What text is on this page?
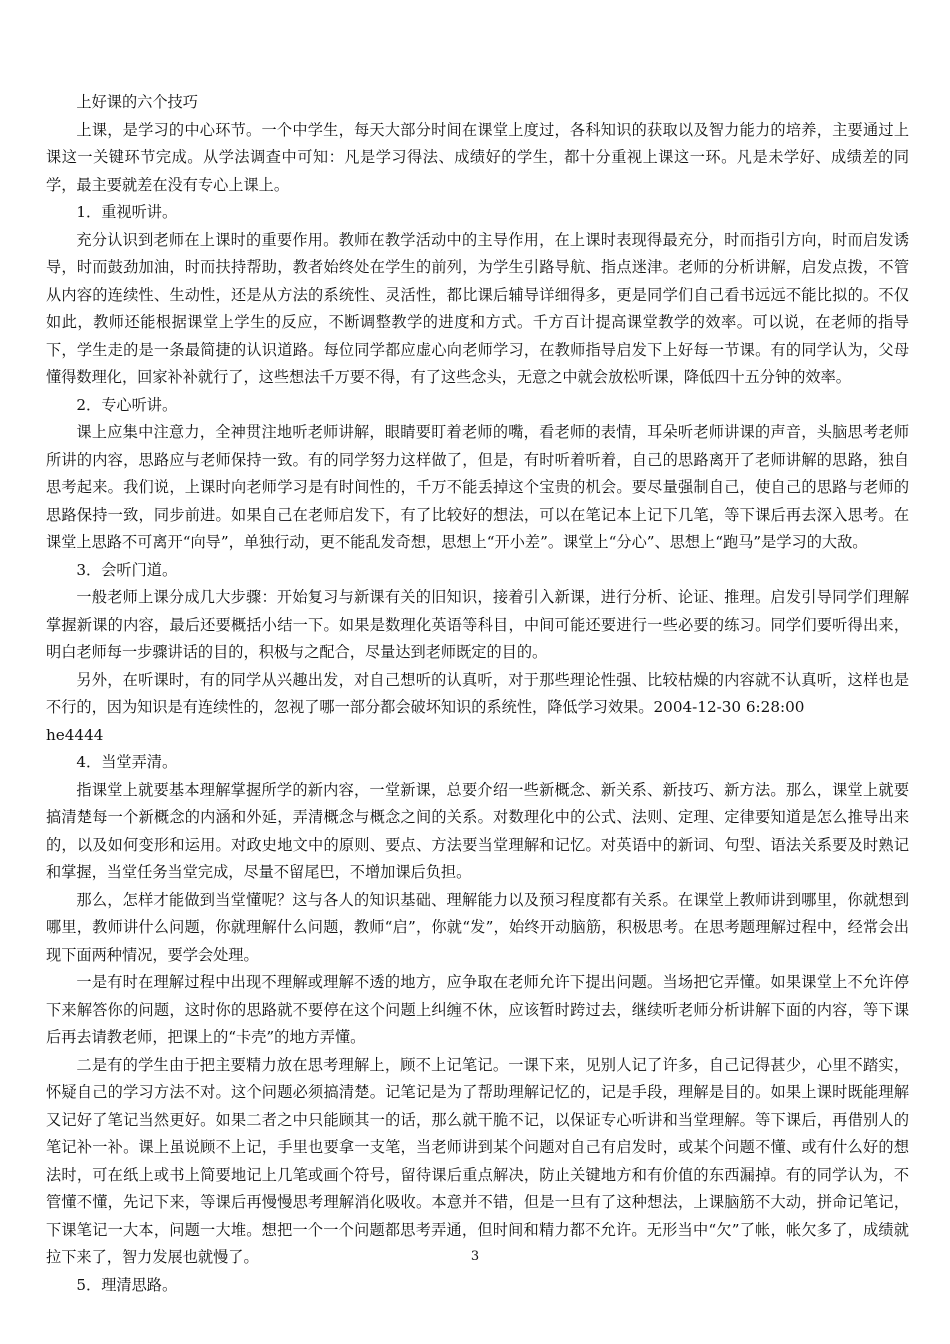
上好课的六个技巧

上课，是学习的中心环节。一个中学生，每天大部分时间在课堂上度过，各科知识的获取以及智力能力的培养，主要通过上课这一关键环节完成。从学法调查中可知：凡是学习得法、成绩好的学生，都十分重视上课这一环。凡是未学好、成绩差的同学，最主要就差在没有专心上课上。

1．重视听讲。

充分认识到老师在上课时的重要作用。教师在教学活动中的主导作用，在上课时表现得最充分，时而指引方向，时而启发诱导，时而鼓劲加油，时而扶持帮助，教者始终处在学生的前列，为学生引路导航、指点迷津。老师的分析讲解，启发点拨，不管从内容的连续性、生动性，还是从方法的系统性、灵活性，都比课后辅导详细得多，更是同学们自己看书远远不能比拟的。不仅如此，教师还能根据课堂上学生的反应，不断调整教学的进度和方式。千方百计提高课堂教学的效率。可以说，在老师的指导下，学生走的是一条最简捷的认识道路。每位同学都应虚心向老师学习，在教师指导启发下上好每一节课。有的同学认为，父母懂得数理化，回家补补就行了，这些想法千万要不得，有了这些念头，无意之中就会放松听课，降低四十五分钟的效率。

2．专心听讲。

课上应集中注意力，全神贯注地听老师讲解，眼睛要盯着老师的嘴，看老师的表情，耳朵听老师讲课的声音，头脑思考老师所讲的内容，思路应与老师保持一致。有的同学努力这样做了，但是，有时听着听着，自己的思路离开了老师讲解的思路，独自思考起来。我们说，上课时向老师学习是有时间性的，千万不能丢掉这个宝贵的机会。要尽量强制自己，使自己的思路与老师的思路保持一致，同步前进。如果自己在老师启发下，有了比较好的想法，可以在笔记本上记下几笔，等下课后再去深入思考。在课堂上思路不可离开“向导”，单独行动，更不能乱发奇想，思想上“开小差”。课堂上“分心”、思想上“跑马”是学习的大敌。

3．会听门道。

一般老师上课分成几大步骤：开始复习与新课有关的旧知识，接着引入新课，进行分析、论证、推理。启发引导同学们理解掌握新课的内容，最后还要概括小结一下。如果是数理化英语等科目，中间可能还要进行一些必要的练习。同学们要听得出来，明白老师每一步骤讲话的目的，积极与之配合，尽量达到老师既定的目的。

另外，在听课时，有的同学从兴趣出发，对自己想听的认真听，对于那些理论性强、比较枯燥的内容就不认真听，这样也是不行的，因为知识是有连续性的，忽视了哪一部分都会破坏知识的系统性，降低学习效果。2004-12-30 6:28:00

he4444

4．当堂弄清。

指课堂上就要基本理解掌握所学的新内容，一堂新课，总要介绍一些新概念、新关系、新技巧、新方法。那么，课堂上就要搞清楚每一个新概念的内涵和外延，弄清概念与概念之间的关系。对数理化中的公式、法则、定理、定律要知道是怎么推导出来的，以及如何变形和运用。对政史地文中的原则、要点、方法要当堂理解和记忆。对英语中的新词、句型、语法关系要及时熟记和掌握，当堂任务当堂完成，尽量不留尾巴，不增加课后负担。

那么，怎样才能做到当堂懂呢？这与各人的知识基础、理解能力以及预习程度都有关系。在课堂上教师讲到哪里，你就想到哪里，教师讲什么问题，你就理解什么问题，教师“启”，你就“发”，始终开动脑筋，积极思考。在思考题理解过程中，经常会出现下面两种情况，要学会处理。

一是有时在理解过程中出现不理解或理解不透的地方，应争取在老师允许下提出问题。当场把它弄懂。如果课堂上不允许停下来解答你的问题，这时你的思路就不要停在这个问题上纠缠不休，应该暂时跨过去，继续听老师分析讲解下面的内容，等下课后再去请教老师，把课上的“卡壳”的地方弄懂。

二是有的学生由于把主要精力放在思考理解上，顾不上记笔记。一课下来，见别人记了许多，自己记得甚少，心里不踏实，怀疑自己的学习方法不对。这个问题必须搞清楚。记笔记是为了帮助理解记忆的，记是手段，理解是目的。如果上课时既能理解又记好了笔记当然更好。如果二者之中只能顾其一的话，那么就干脆不记，以保证专心听讲和当堂理解。等下课后，再借别人的笔记补一补。课上虽说顾不上记，手里也要拿一支笔，当老师讲到某个问题对自己有启发时，或某个问题不懂、或有什么好的想法时，可在纸上或书上简要地记上几笔或画个符号，留待课后重点解决，防止关键地方和有价值的东西漏掉。有的同学认为，不管懂不懂，先记下来，等课后再慢慢思考理解消化吸收。本意并不错，但是一旦有了这种想法，上课脑筋不大动，拼命记笔记，下课笔记一大本，问题一大堆。想把一个一个问题都思考弄通，但时间和精力都不允许。无形当中“欠”了帐，帐欠多了，成绩就拉下来了，智力发展也就慢了。

5．理清思路。

3
